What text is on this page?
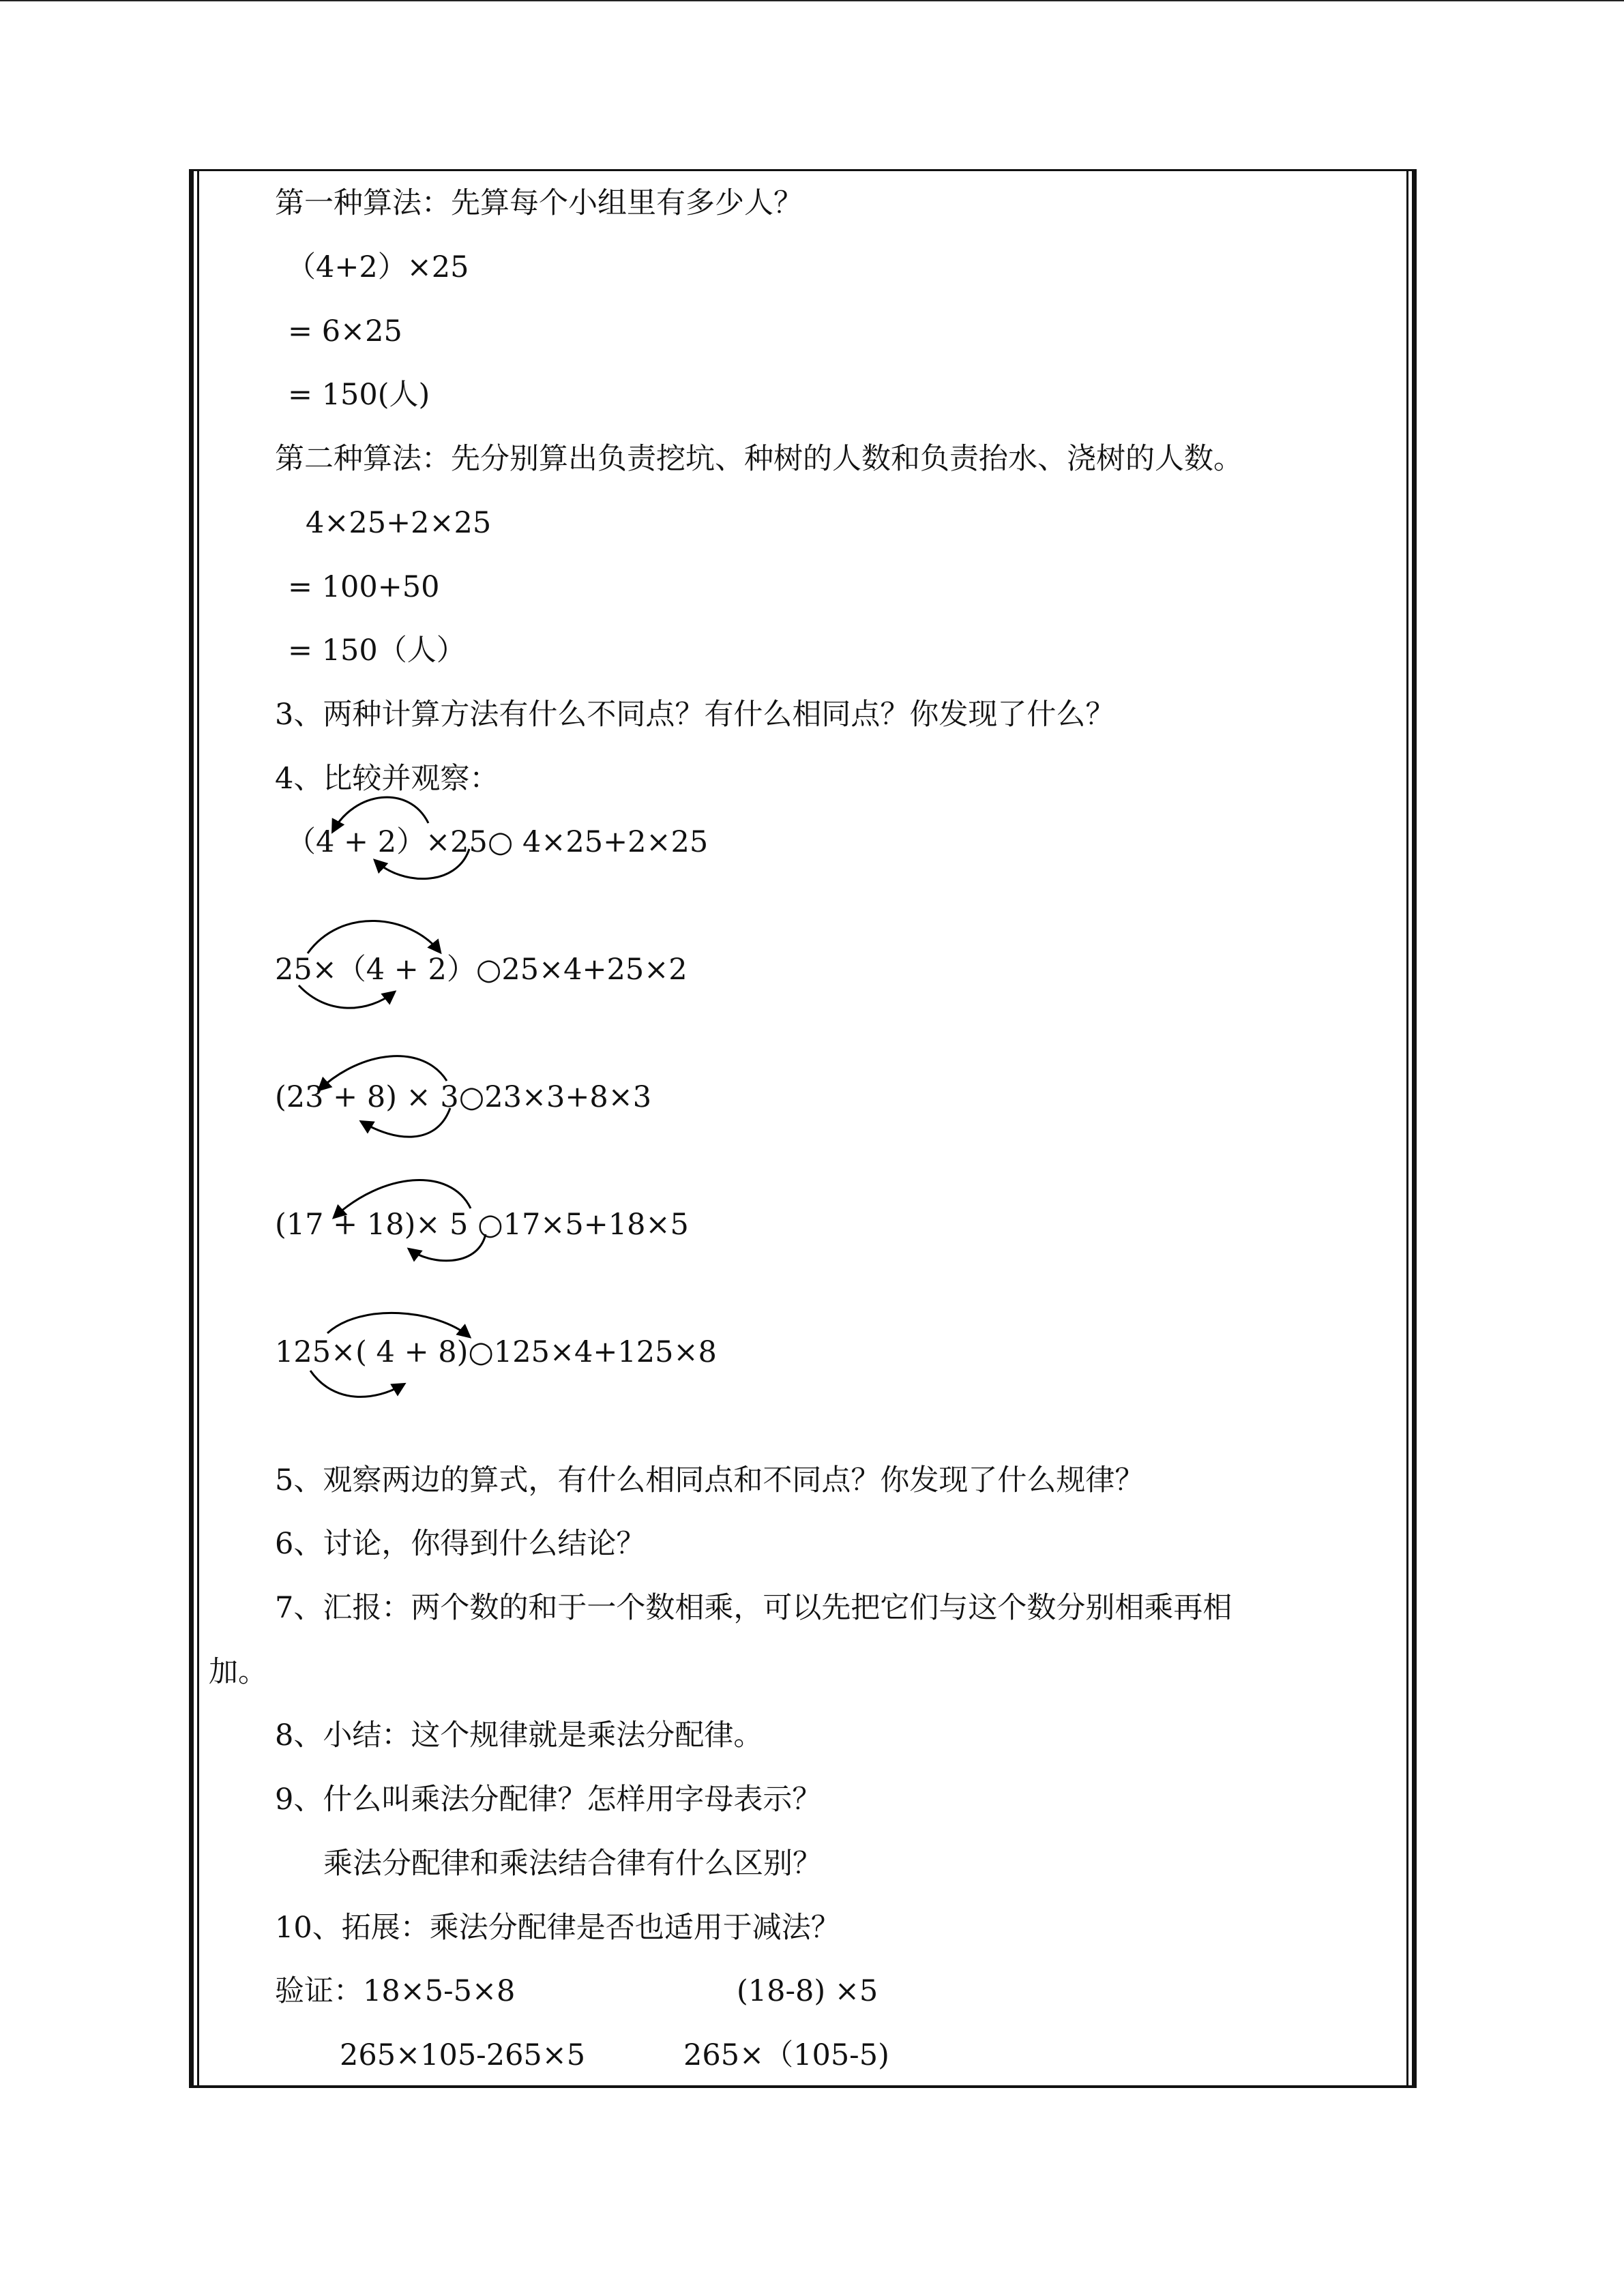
第一种算法：先算每个小组里有多少人？
（4+2）×25
= 6×25
= 150(人)
第二种算法：先分别算出负责挖坑、种树的人数和负责抬水、浇树的人数。
4×25+2×25
= 100+50
= 150（人）
3、两种计算方法有什么不同点？有什么相同点？你发现了什么？
4、比较并观察：
（4 + 2）×25○ 4×25+2×25
25×（4 + 2）○25×4+25×2
(23 + 8) × 3○23×3+8×3
(17 + 18)× 5 ○17×5+18×5
125×( 4 + 8)○125×4+125×8
5、观察两边的算式，有什么相同点和不同点？你发现了什么规律？
6、讨论，你得到什么结论？
7、汇报：两个数的和于一个数相乘，可以先把它们与这个数分别相乘再相
加。
8、小结：这个规律就是乘法分配律。
9、什么叫乘法分配律？怎样用字母表示？
乘法分配律和乘法结合律有什么区别？
10、拓展：乘法分配律是否也适用于减法？
验证：18×5-5×8	(18-8) ×5
265×105-265×5	265×（105-5)
